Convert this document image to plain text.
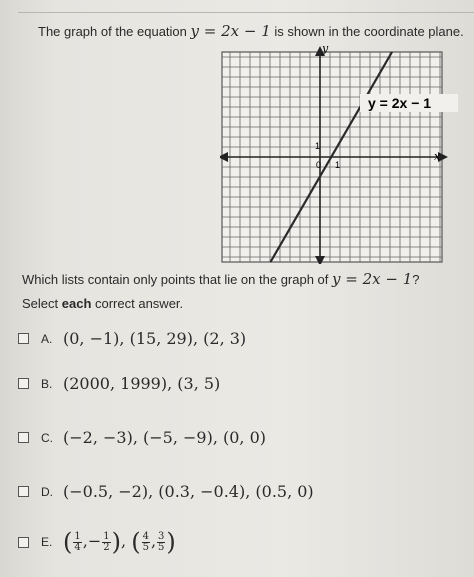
The graph of the equation y = 2x − 1 is shown in the coordinate plane.
y
x
y = 2x − 1
1
1
0
Which lists contain only points that lie on the graph of y = 2x − 1?
Select each correct answer.
A. (0, −1), (15, 29), (2, 3)
B. (2000, 1999), (3, 5)
C. (−2, −3), (−5, −9), (0, 0)
D. (−0.5, −2), (0.3, −0.4), (0.5, 0)
E. ( $\frac{1}{4}$ ,− $\frac{1}{2}$ ), ( $\frac{4}{5}$ , $\frac{3}{5}$ )
